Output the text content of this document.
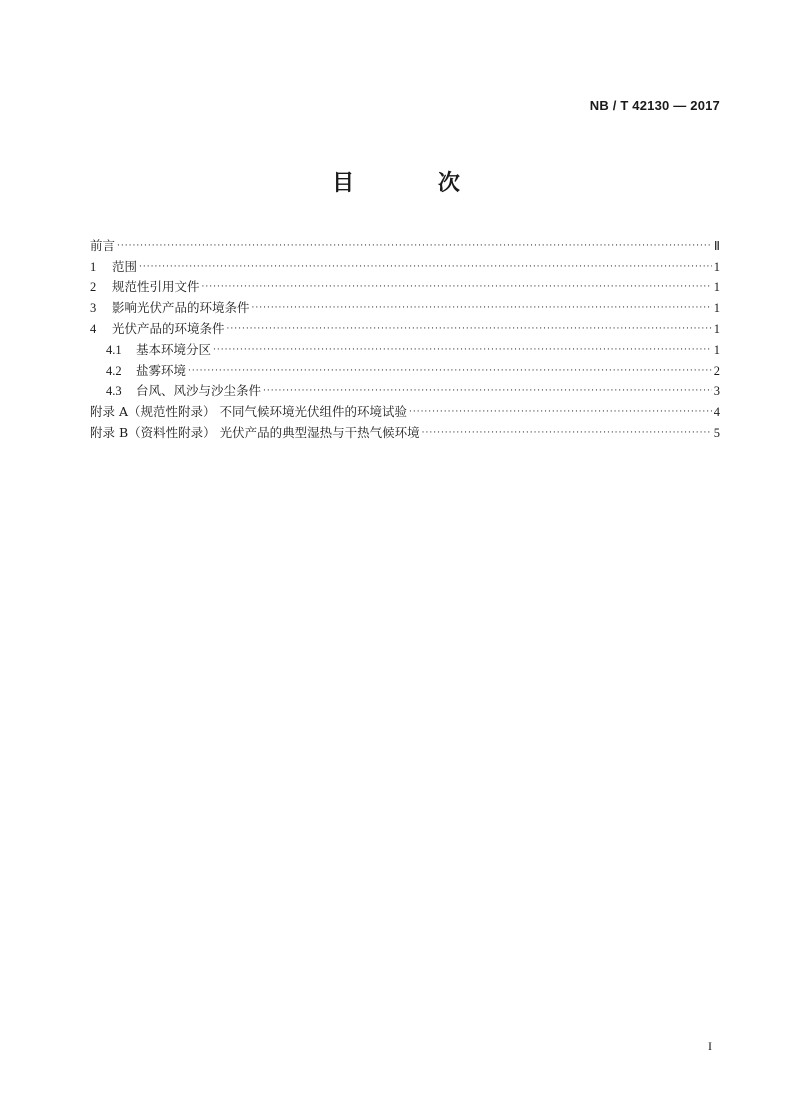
NB / T 42130 — 2017
目 次
前言 ·····	Ⅱ
1 范围 ·····	1
2 规范性引用文件 ·····	1
3 影响光伏产品的环境条件 ·····	1
4 光伏产品的环境条件 ·····	1
4.1 基本环境分区 ·····	1
4.2 盐雾环境 ·····	2
4.3 台风、风沙与沙尘条件 ·····	3
附录 A（规范性附录） 不同气候环境光伏组件的环境试验 ·····	4
附录 B（资料性附录） 光伏产品的典型湿热与干热气候环境 ·····	5
I
